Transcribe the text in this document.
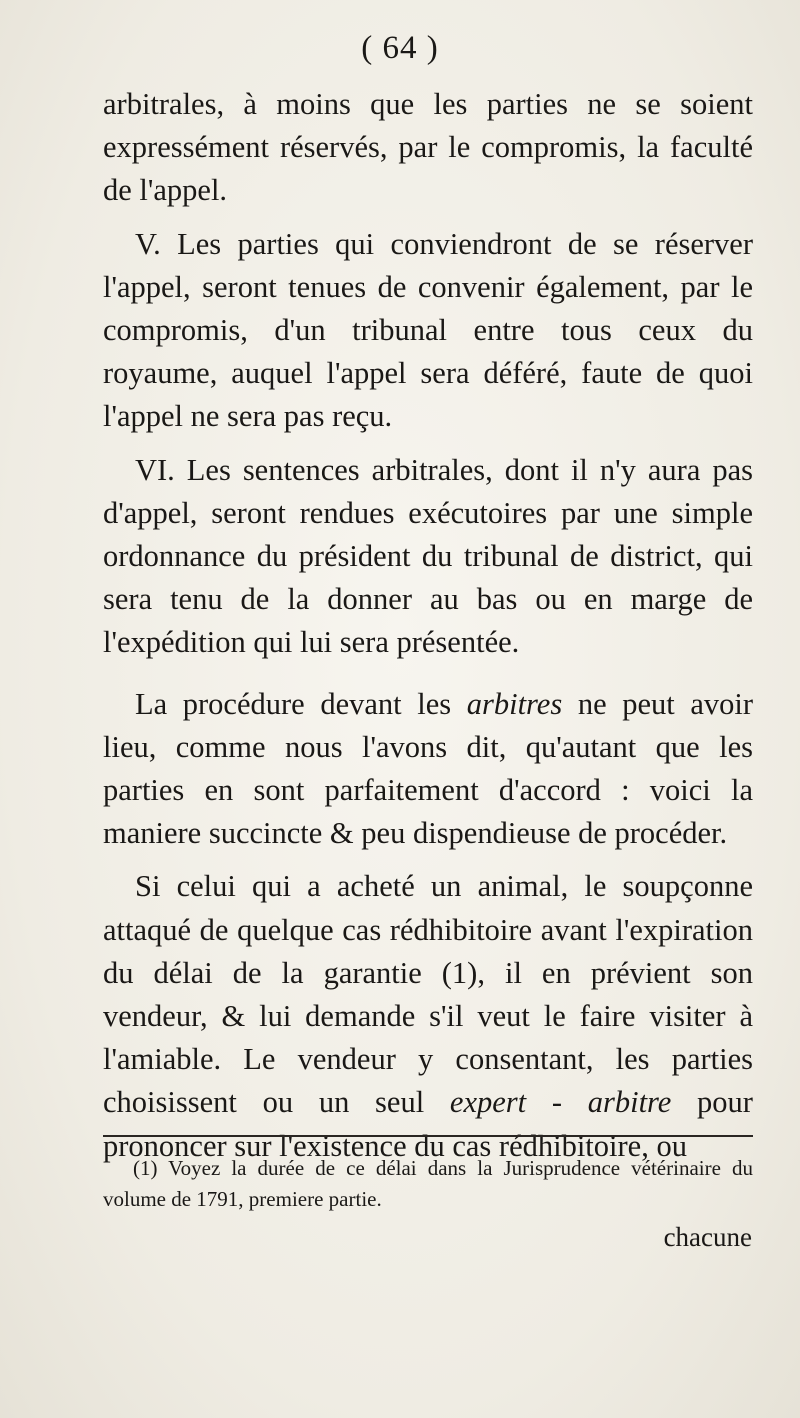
( 64 )

arbitrales, à moins que les parties ne se soient expressément réservés, par le compromis, la faculté de l'appel.

V. Les parties qui conviendront de se réserver l'appel, seront tenues de convenir également, par le compromis, d'un tribunal entre tous ceux du royaume, auquel l'appel sera déféré, faute de quoi l'appel ne sera pas reçu.

VI. Les sentences arbitrales, dont il n'y aura pas d'appel, seront rendues exécutoires par une simple ordonnance du président du tribunal de district, qui sera tenu de la donner au bas ou en marge de l'expédition qui lui sera présentée.

La procédure devant les arbitres ne peut avoir lieu, comme nous l'avons dit, qu'autant que les parties en sont parfaitement d'accord : voici la maniere succincte & peu dispendieuse de procéder.

Si celui qui a acheté un animal, le soupçonne attaqué de quelque cas rédhibitoire avant l'expiration du délai de la garantie (1), il en prévient son vendeur, & lui demande s'il veut le faire visiter à l'amiable. Le vendeur y consentant, les parties choisissent ou un seul expert - arbitre pour prononcer sur l'existence du cas rédhibitoire, ou

(1) Voyez la durée de ce délai dans la Jurisprudence vétérinaire du volume de 1791, premiere partie.

chacune
